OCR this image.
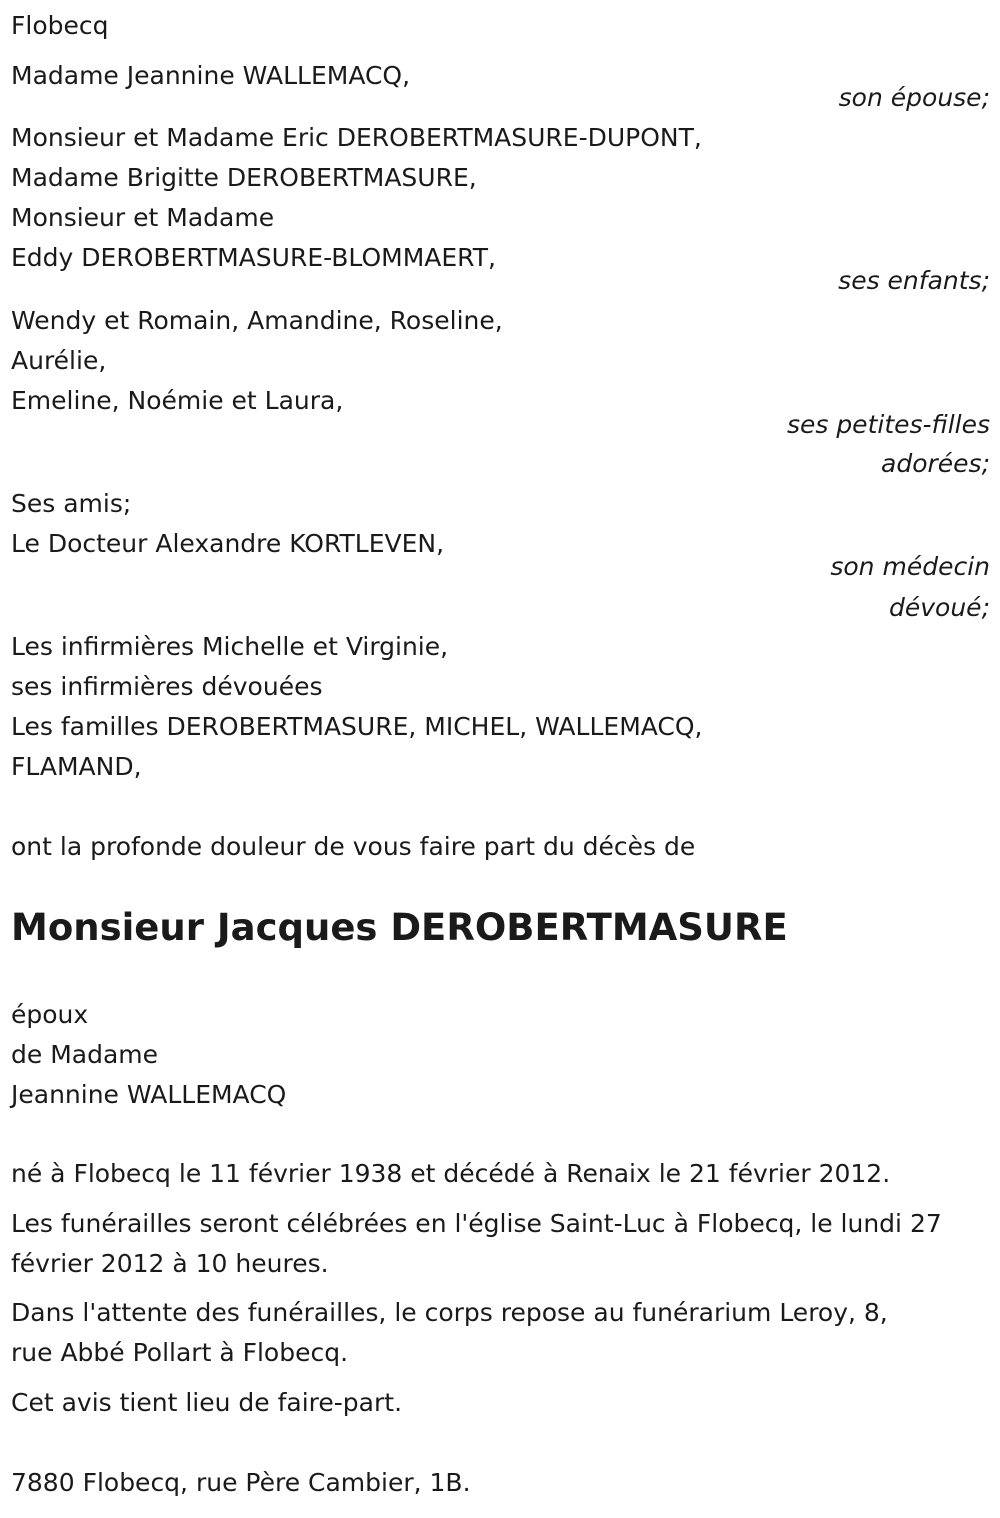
Flobecq
Madame Jeannine WALLEMACQ,
son épouse;
Monsieur et Madame Eric DEROBERTMASURE-DUPONT,
Madame Brigitte DEROBERTMASURE,
Monsieur et Madame
Eddy DEROBERTMASURE-BLOMMAERT,
ses enfants;
Wendy et Romain, Amandine, Roseline,
Aurélie,
Emeline, Noémie et Laura,
ses petites-filles
adorées;
Ses amis;
Le Docteur Alexandre KORTLEVEN,
son médecin
dévoué;
Les infirmières Michelle et Virginie,
ses infirmières dévouées
Les familles DEROBERTMASURE, MICHEL, WALLEMACQ,
FLAMAND,
ont la profonde douleur de vous faire part du décès de
Monsieur Jacques DEROBERTMASURE
époux
de Madame
Jeannine WALLEMACQ
né à Flobecq le 11 février 1938 et décédé à Renaix le 21 février 2012.
Les funérailles seront célébrées en l'église Saint-Luc à Flobecq, le lundi 27
février 2012 à 10 heures.
Dans l'attente des funérailles, le corps repose au funérarium Leroy, 8,
rue Abbé Pollart à Flobecq.
Cet avis tient lieu de faire-part.
7880 Flobecq, rue Père Cambier, 1B.
